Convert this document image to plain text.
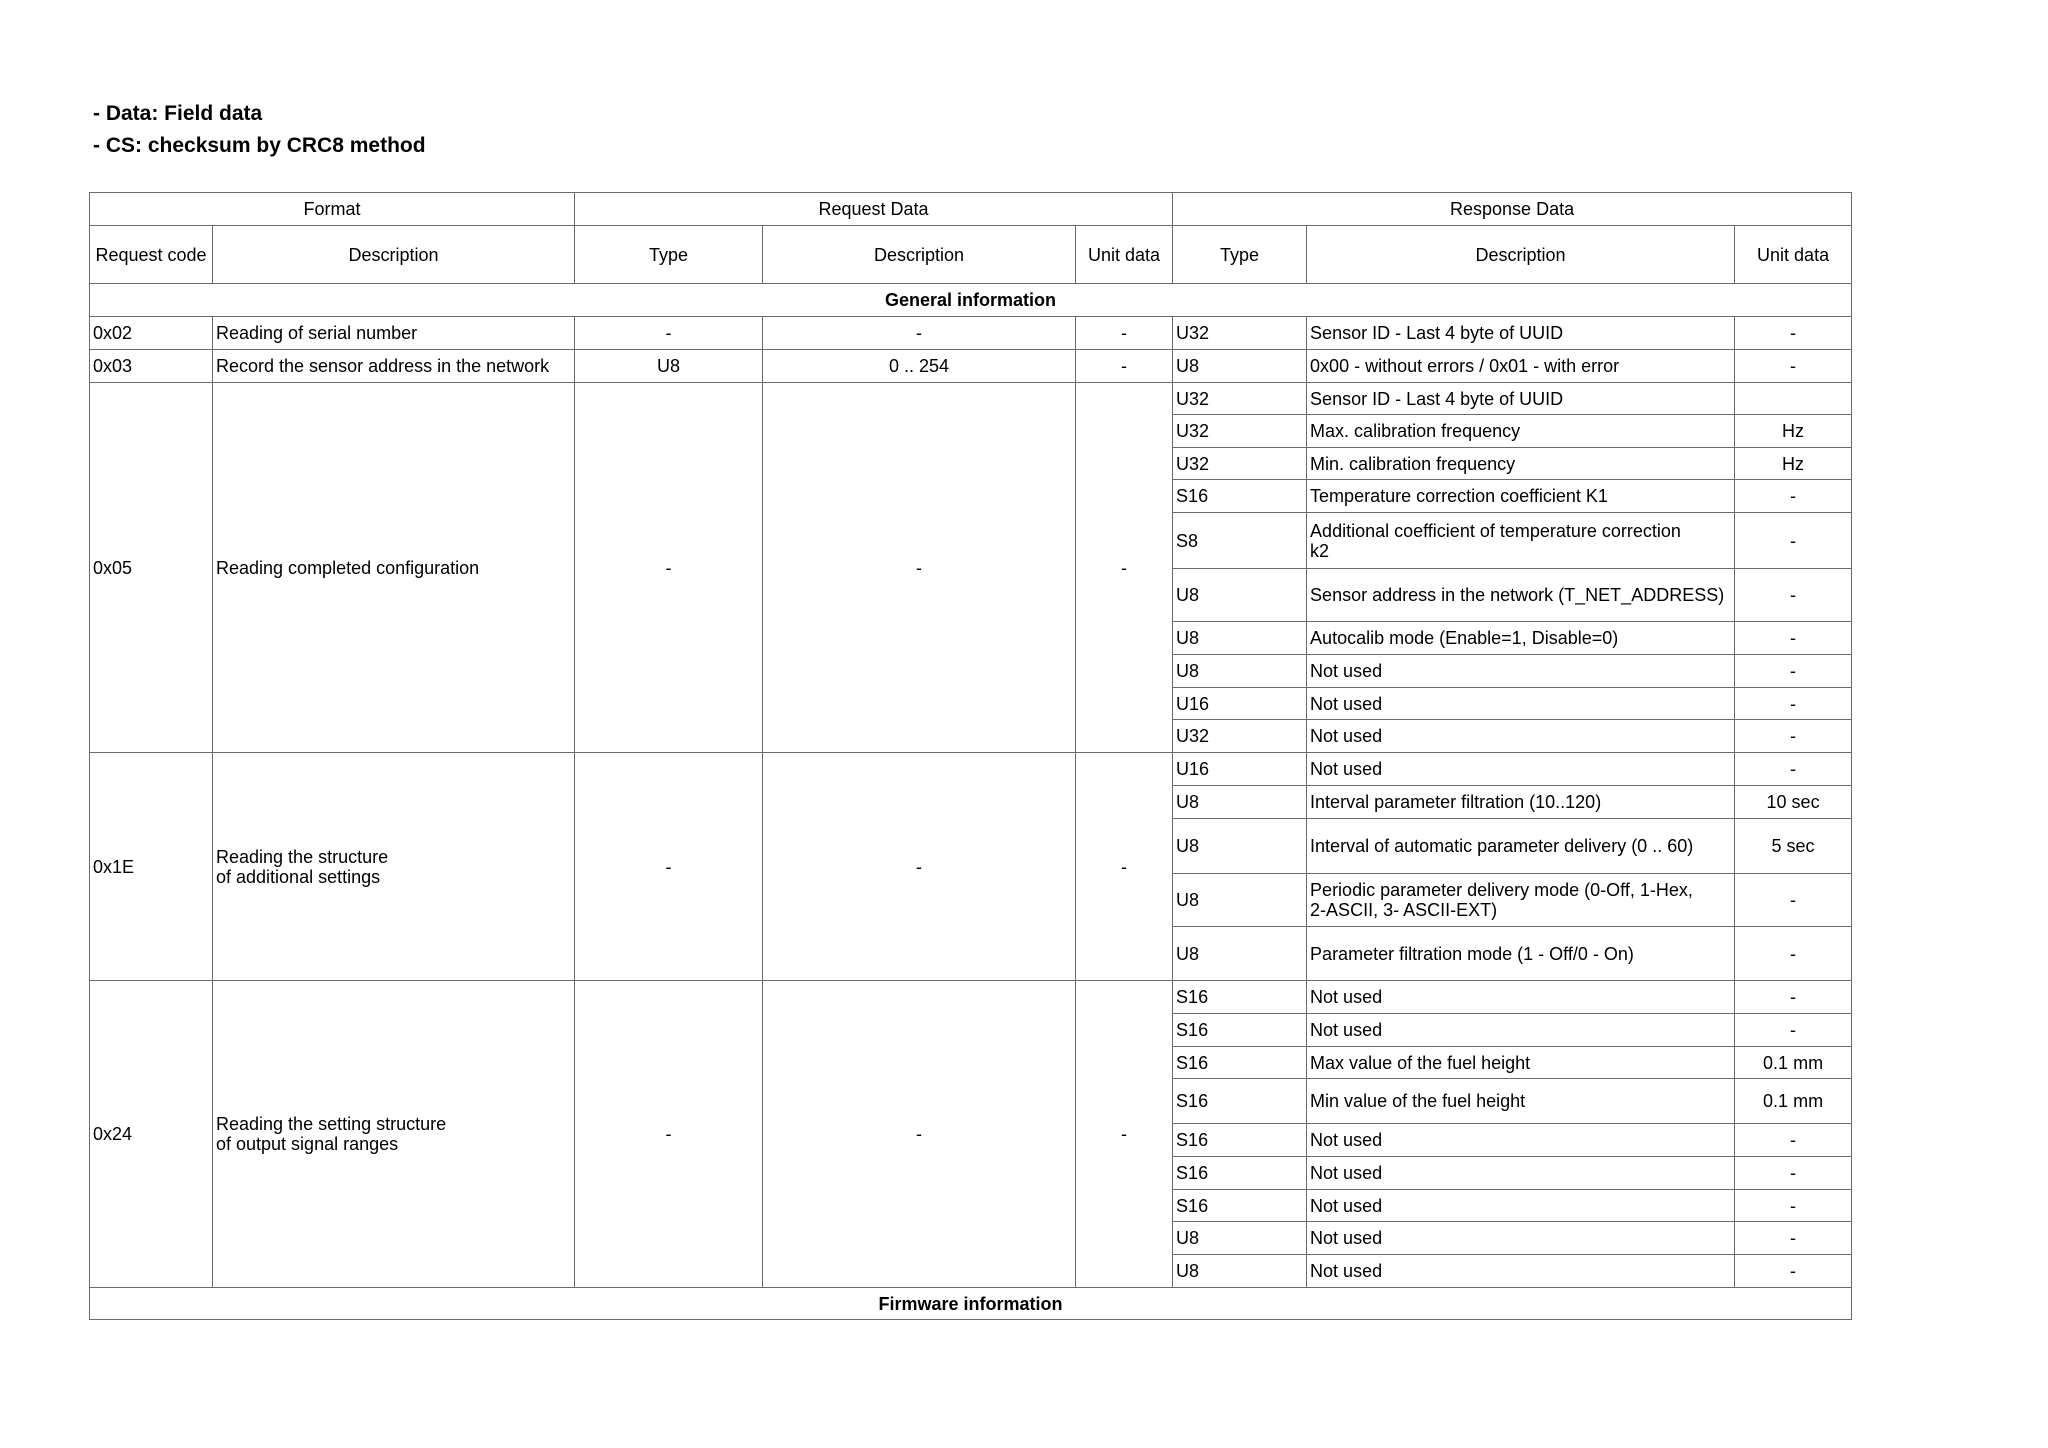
- Data: Field data
- CS: checksum by CRC8 method
Format		Request Data			Response Data		
Request code	Description	Type	Description	Unit data	Type	Description	Unit data
General information							
0x02	Reading of serial number	-	-	-	U32	Sensor ID - Last 4 byte of UUID	-
0x03	Record the sensor address in the network	U8	0 .. 254	-	U8	0x00 - without errors / 0x01 - with error	-
0x05	Reading completed configuration	-	-	-	U32	Sensor ID - Last 4 byte of UUID	
					U32	Max. calibration frequency	Hz
					U32	Min. calibration frequency	Hz
					S16	Temperature correction coefficient K1	-
					S8	Additional coefficient of temperature correction
k2	-
					U8	Sensor address in the network (T_NET_ADDRESS)	-
					U8	Autocalib mode (Enable=1, Disable=0)	-
					U8	Not used	-
					U16	Not used	-
					U32	Not used	-
0x1E	Reading the structure
of additional settings	-	-	-	U16	Not used	-
					U8	Interval parameter filtration (10..120)	10 sec
					U8	Interval of automatic parameter delivery (0 .. 60)	5 sec
					U8	Periodic parameter delivery mode (0-Off, 1-Hex,
2-ASCII, 3- ASCII-EXT)	-
					U8	Parameter filtration mode (1 - Off/0 - On)	-
0x24	Reading the setting structure
of output signal ranges	-	-	-	S16	Not used	-
					S16	Not used	-
					S16	Max value of the fuel height	0.1 mm
					S16	Min value of the fuel height	0.1 mm
					S16	Not used	-
					S16	Not used	-
					S16	Not used	-
					U8	Not used	-
					U8	Not used	-
Firmware information							
